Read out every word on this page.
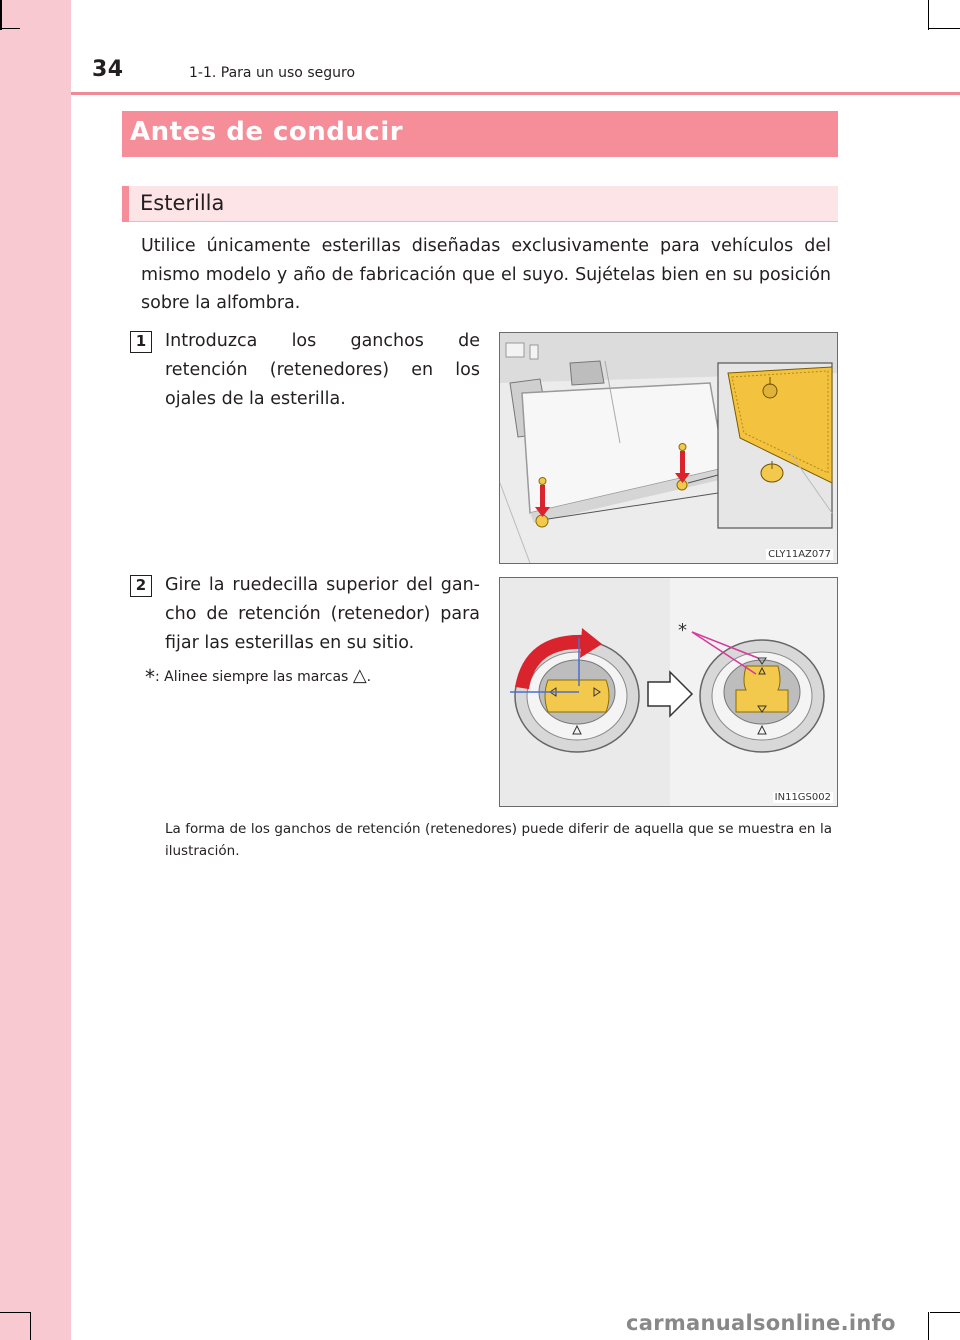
34	1-1. Para un uso seguro
Antes de conducir
Esterilla
Utilice únicamente esterillas diseñadas exclusivamente para vehículos del mismo modelo y año de fabricación que el suyo. Sujételas bien en su posición sobre la alfombra.
1	Introduzca los ganchos de retención (retenedores) en los ojales de la esterilla.
CLY11AZ077
2	Gire la ruedecilla superior del gan-cho de retención (retenedor) para fijar las esterillas en su sitio.
*: Alinee siempre las marcas △.
*
IN11GS002
La forma de los ganchos de retención (retenedores) puede diferir de aquella que se muestra en la ilustración.
carmanualsonline.info
